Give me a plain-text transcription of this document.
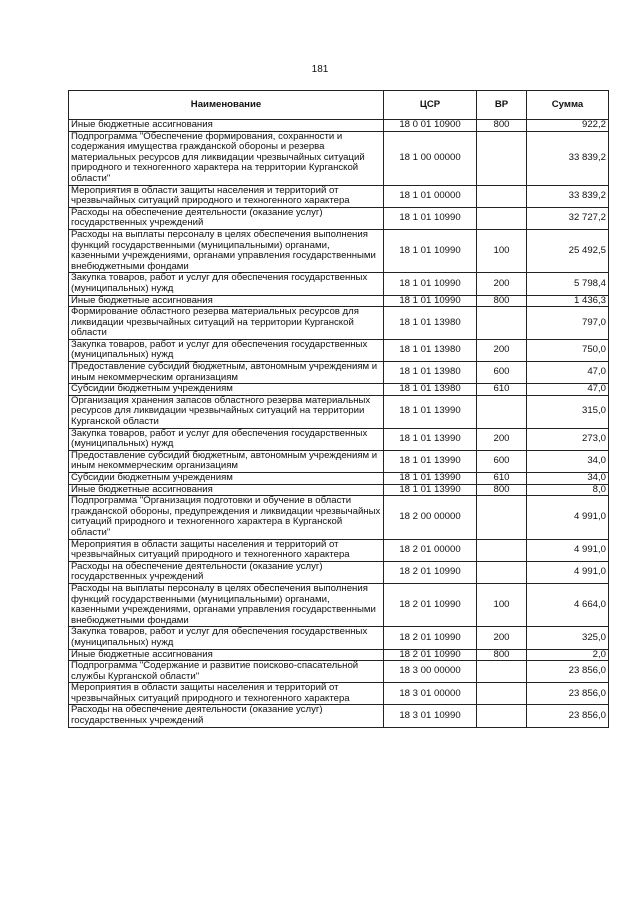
181
Наименование	ЦСР	ВР	Сумма
Иные бюджетные ассигнования	18 0 01 10900	800	922,2
Подпрограмма "Обеспечение формирования, сохранности и содержания имущества гражданской обороны и резерва материальных ресурсов для ликвидации чрезвычайных ситуаций природного и техногенного характера на территории Курганской области"	18 1 00 00000		33 839,2
Мероприятия в области защиты населения и территорий от чрезвычайных ситуаций природного и техногенного характера	18 1 01 00000		33 839,2
Расходы на обеспечение деятельности (оказание услуг) государственных учреждений	18 1 01 10990		32 727,2
Расходы на выплаты персоналу в целях обеспечения выполнения функций государственными (муниципальными) органами, казенными учреждениями, органами управления государственными внебюджетными фондами	18 1 01 10990	100	25 492,5
Закупка товаров, работ и услуг для обеспечения государственных (муниципальных) нужд	18 1 01 10990	200	5 798,4
Иные бюджетные ассигнования	18 1 01 10990	800	1 436,3
Формирование областного резерва материальных ресурсов для ликвидации чрезвычайных ситуаций на территории Курганской области	18 1 01 13980		797,0
Закупка товаров, работ и услуг для обеспечения государственных (муниципальных) нужд	18 1 01 13980	200	750,0
Предоставление субсидий бюджетным, автономным учреждениям и иным некоммерческим организациям	18 1 01 13980	600	47,0
Субсидии бюджетным учреждениям	18 1 01 13980	610	47,0
Организация хранения запасов областного резерва материальных ресурсов для ликвидации чрезвычайных ситуаций на территории Курганской области	18 1 01 13990		315,0
Закупка товаров, работ и услуг для обеспечения государственных (муниципальных) нужд	18 1 01 13990	200	273,0
Предоставление субсидий бюджетным, автономным учреждениям и иным некоммерческим организациям	18 1 01 13990	600	34,0
Субсидии бюджетным учреждениям	18 1 01 13990	610	34,0
Иные бюджетные ассигнования	18 1 01 13990	800	8,0
Подпрограмма "Организация подготовки и обучение в области гражданской обороны, предупреждения и ликвидации чрезвычайных ситуаций природного и техногенного характера в Курганской области"	18 2 00 00000		4 991,0
Мероприятия в области защиты населения и территорий от чрезвычайных ситуаций природного и техногенного характера	18 2 01 00000		4 991,0
Расходы на обеспечение деятельности (оказание услуг) государственных учреждений	18 2 01 10990		4 991,0
Расходы на выплаты персоналу в целях обеспечения выполнения функций государственными (муниципальными) органами, казенными учреждениями, органами управления государственными внебюджетными фондами	18 2 01 10990	100	4 664,0
Закупка товаров, работ и услуг для обеспечения государственных (муниципальных) нужд	18 2 01 10990	200	325,0
Иные бюджетные ассигнования	18 2 01 10990	800	2,0
Подпрограмма "Содержание и развитие поисково-спасательной службы Курганской области"	18 3 00 00000		23 856,0
Мероприятия в области защиты населения и территорий от чрезвычайных ситуаций природного и техногенного характера	18 3 01 00000		23 856,0
Расходы на обеспечение деятельности (оказание услуг) государственных учреждений	18 3 01 10990		23 856,0
